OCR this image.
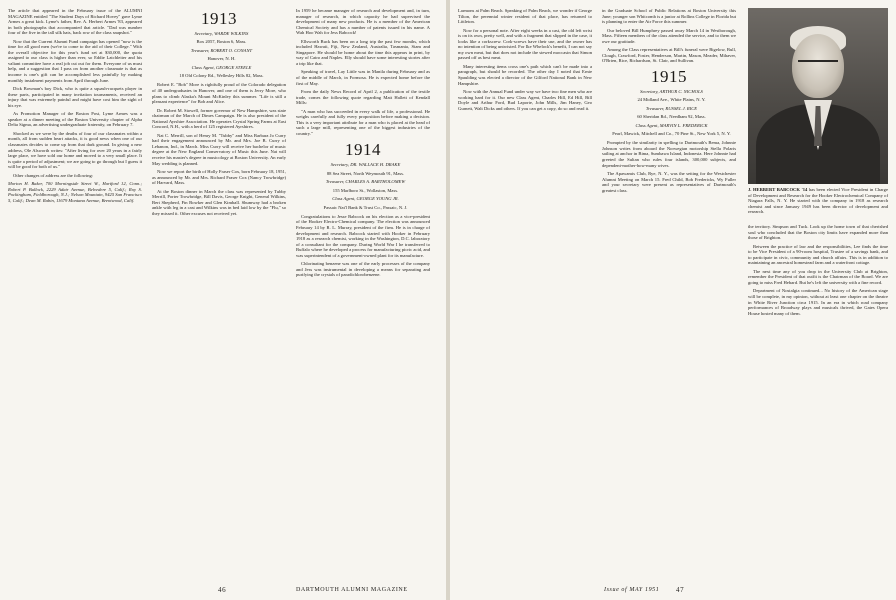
The article that appeared in the February issue of the ALUMNI MAGAZINE entitled "The Student Days of Richard Hovey" gave Lyme Armes a great kick. Lyme's father, Rev. A. Herbert Armes '83, appeared in both photographs that accompanied that article. "Dad was number four of the five in the tall silk hats, back row of the class snapshot."

Now that the Current Alumni Fund campaign has opened "now is the time for all good men (we're to come to the aid of their College." With the overall objective for this year's fund set at $30,000, the quota assigned to our class is higher than ever, so Eddie Latchleiter and his valiant committee have a real job cut out for them. Everyone of us must help, and a suggestion that I pass on from another classmate is that as income is one's gift can be accomplished less painfully by making monthly instalment payments from April through June.

Dick Bowman's boy Dick, who is quite a squash-racquets player in these parts, participated in many invitation tournaments, received an injury that was extremely painful and might have cost him the sight of his eye.

As Promotion Manager of the Boston Post, Lyme Armes was a speaker at a dinner meeting of the Boston University chapter of Alpha Delta Sigma, an advertising undergraduate fraternity, on February 7.

Shocked as we were by the deaths of four of our classmates within a month, all from sudden heart attacks, it is good news when one of our classmates decides to come up from that dark ground. In giving a new address, Ole Alsworth writes: "After living for over 20 years in a fairly large place, we have sold our home and moved to a very small place. It is quite a period of adjustment; we are going to go through but I guess it will be good for both of us."

Other changes of address are the following:

Morton H. Baker, 700 Morningside Street W., Hartford 12, Conn.; Robert P. Bullock, 2229 Adair Avenue, Belvedere 5, Calif.; Roy S. Pockingham, Fieldborough, N.J.; Nelson Mountain, 9425 San Francisco 5, Calif.; Dean M. Rabin, 11679 Montana Avenue, Brentwood, Calif.

1913

Secretary, WARDE WILKINS

Box 2057, Boston 6, Mass.

Treasurer, ROBERT O. CONANT

Hanover, N. H.

Class Agent, GEORGE STEELE

18 Old Colony Rd., Wellesley Hills 82, Mass.

Robert E. "Bob" More is rightfully proud of the Colorado delegation of 40 undergraduates in Hanover, and one of them is Jerry More, who plans to climb Alaska's Mount McKinley this summer. "Life is still a pleasant experience" for Bob and Alice.

Dr. Robert M. Stowell, former governor of New Hampshire, was state chairman of the March of Dimes Campaign. He is also president of the National Ayrshire Association. He operates Crystal Spring Farms at East Concord, N.H., with a herd of 125 registered Ayrshires.

Nat C. Merrill, son of Henry M. "Tubby" and Miss Barbara Jo Curry had their engagement announced by Mr. and Mrs. Joe B. Curry of Lebanon, Ind., in March. Miss Curry will receive her bachelor of music degree at the New England Conservatory of Music this June. Nat will receive his master's degree in musicology at Boston University. An early May wedding is planned.

Now we report the birth of Holly Fraser Cox, born February 18, 1951, as announced by Mr. and Mrs. Richard Fraser Cox (Nancy Trowbridge) of Harvard, Mass.

At the Boston dinner in March the class was represented by Tubby Merrill, Porter Trowbridge, Bill Davis, George Knight, General Wilkins, Bert Shepherd, Fin Bowker and Glen Kimball. Shumway had a broken ankle with leg in a cast and Wilkins was in bed laid low by the "Flu," so they missed it. Other excuses not received yet.

In 1959 he became manager of research and development and, in turn, manager of research, in which capacity he had supervised the development of many new products. He is a member of the American Chemical Society and has a number of patents issued in his name. A Wah Hoo Wah for Jess Babcock!

Ellsworth Buck has been on a long trip the past few months, which included Hawaii, Fiji, New Zealand, Australia, Tasmania, Siam and Singapore. He should be home about the time this appears in print, by way of Cairo and Naples. Elly should have some interesting stories after a trip like that.

Speaking of travel, Lay Little was in Manila during February and as of the middle of March, in Formosa. He is expected home before the first of May.

From the daily News Record of April 2, a publication of the textile trade, comes the following quote regarding Matt Hallett of Kendall Mills:

"A man who has succeeded in every walk of life, a professional. He weighs carefully and fully every proposition before making a decision. This is a very important attribute for a man who is placed at the head of such a large mill, representing one of the biggest industries of the country."

1914

Secretary, DR. WALLACE H. DRAKE

88 Sea Street, North Weymouth 91, Mass.

Treasurer, CHARLES A. BARTHOLOMEW

155 Marlboro St., Wollaston, Mass.

Class Agent, GEORGE YOUNG JR.

Passaic Nat'l Bank & Trust Co., Passaic, N. J.

Congratulations to Jesse Babcock on his election as a vice-president of the Hooker Electro-Chemical company. The election was announced February 14 by R. L. Murray, president of the firm. He is in charge of development and research. Babcock started with Hooker in February 1918 as a research chemist, working in the Washington, D.C. laboratory of a consultant for the company. During World War I he transferred to Buffalo where he developed a process for manufacturing picric acid, and was superintendent of a government-owned plant for its manufacture.

Chlorinating benzene was one of the early processes of the company and Jess was instrumental in developing a means for separating and purifying the crystals of paradichlorobenzene.

46	DARTMOUTH ALUMNI MAGAZINE

Larmons at Palm Beach. Speaking of Palm Beach, we wonder if George Tilton, the perennial winter resident of that place, has returned to Littleton.

Now for a personal note. After eight weeks in a cast, the old left wrist is on its own, pretty well, and with a fragment that slipped in the case, it looks like a corkscrew. Cork-screws have their use, and the owner has no intention of being untwisted. For Ike Whelock's benefit, I can not say my own meat, but that does not include the stewed moccasin that Simon passed off as best meat.

Many interesting items cross one's path which can't be made into a paragraph, but should be recorded. The other day I noted that Ernie Spaulding was elected a director of the Gilford National Bank in New Hampshire.

Now with the Annual Fund under way we have two fine men who are working hard for it. Our new Class Agent, Charles Hill, Ed Hill, Bill Doyle and Arthur Ford, Bud Laporte, John Mills, Jim Haney, Geo Gurnett, Walt Dicks and others. If you can get a copy, do so and read it.

in the Graduate School of Public Relations at Boston University this June; younger son Whitcomb is a junior at Rollins College in Florida but is planning to enter the Air Force this summer.

Our beloved Bill Humphrey passed away March 14 in Westborough, Mass. Fifteen members of the class attended the service, and to them we owe our gratitude.

Among the Class representatives at Bill's funeral were Bigelow, Bull, Clough, Crawford, Foster, Henderson, Martin, Mason, Meader, Mihaver, O'Brien, Rice, Richardson, St. Clair, and Sullivan.

1915

Secretary, ARTHUR C. NICHOLS

24 Midland Ave., White Plains, N. Y.

Treasurer, RUSSEL J. RICE

60 Sheridan Rd., Needham 92, Mass.

Class Agent, MARVIN L. FREDERICK

Pearl, Mawick, Mitchell and Co., 70 Pine St., New York 5, N. Y.

Prompted by the similarity in spelling to Dartmouth's Bema, Johnnie Johnson writes from aboard the Norwegian motorship Stella Polaris sailing at anchor in Bima, Sumbawa Island, Indonesia. Here Johnnie had greeted the Sultan who rules four islands, 300,000 subjects, and dependent-mother-how-many wives.

The Apawamis Club, Rye, N. Y., was the setting for the Westchester Alumni Meeting on March 15. Fred Child, Bob Fredericks, Wy Fuller and your secretary were present as representatives of Dartmouth's greatest class.	J. HERBERT BABCOCK '14 has been elected Vice President in Charge of Development and Research for the Hooker Electrochemical Company of Niagara Falls, N. Y. He started with the company in 1918 as research chemist and since January 1949 has been director of development and research.

the territory. Simpson and Tuck. Look up the home town of that cherished soul who concluded that the Boston city limits have expanded more than those of Brighton.

Between the practice of law and the responsibilities, Lee finds the time to be Vice President of a 90-room hospital, Trustee of a savings bank, and to participate in civic, community and church affairs. This is in addition to maintaining an ancestral homestead farm and a waterfront cottage.

The next time any of you drop in the University Club at Brighton, remember the President of that outfit is the Chairman of the Board. We are going to miss Fred Hebard. But he's left the university with a fine record.

Department of Nostalgia continued... No history of the American stage will be complete, in my opinion, without at least one chapter on the theatre in White River Junction circa 1915. In an era in which road company performances of Broadway plays and musicals thrived, the Gates Opera House hosted many of them.

Issue of MAY 1951 47
